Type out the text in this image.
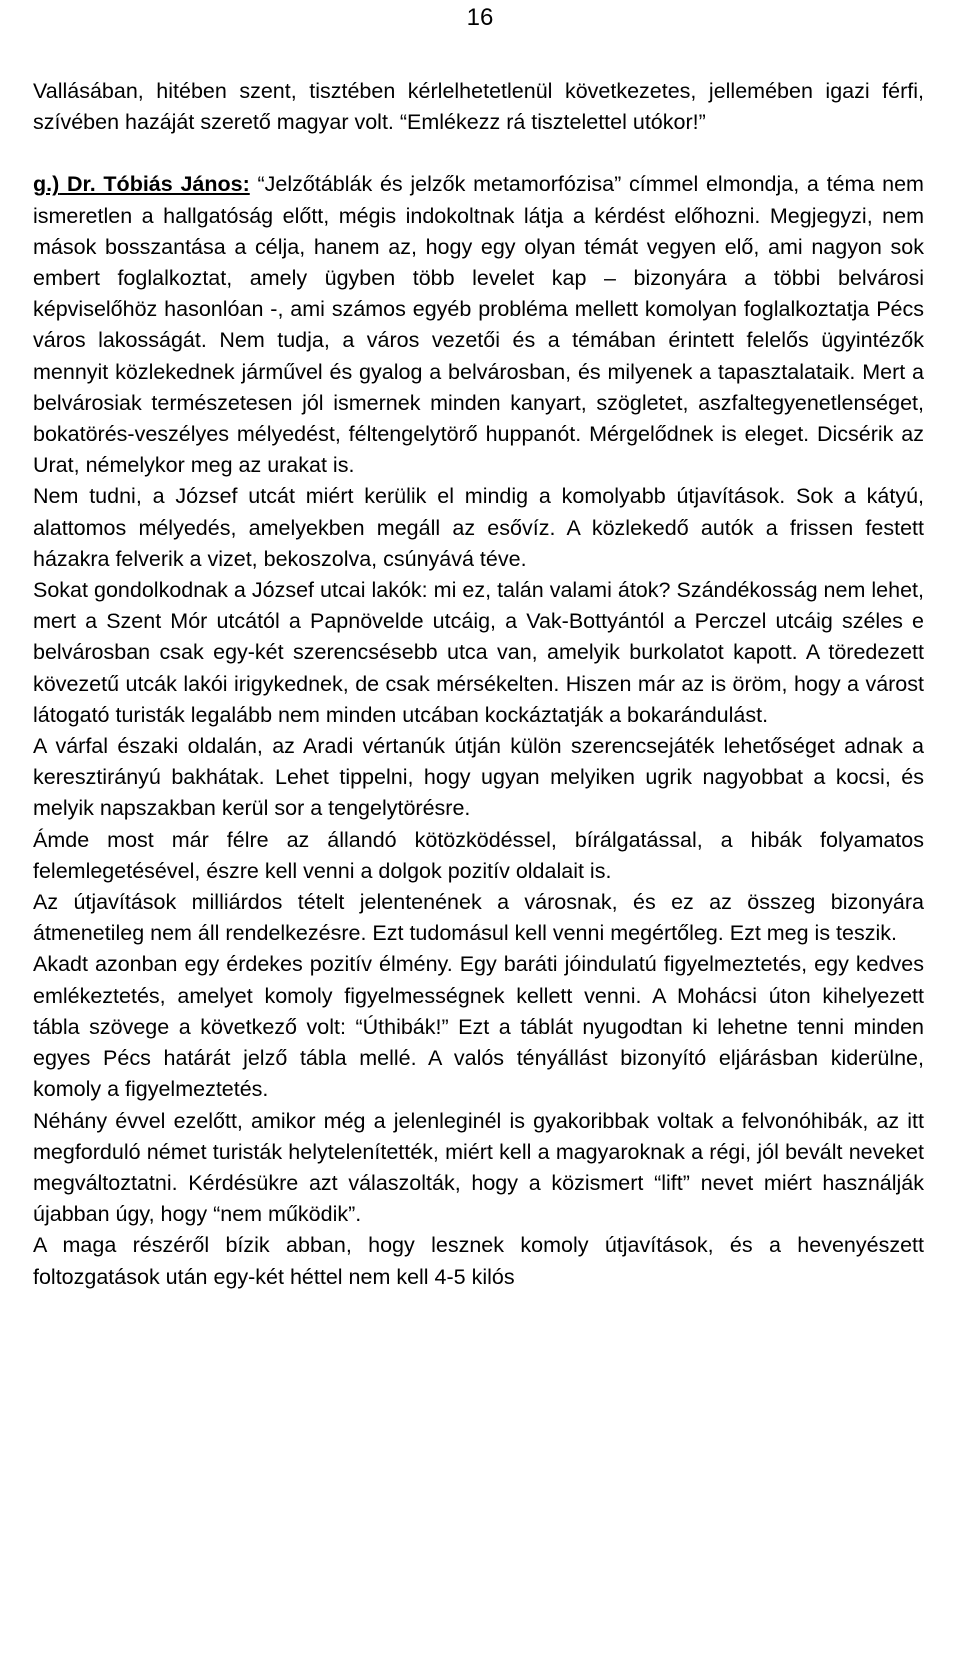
16

Vallásában, hitében szent, tisztében kérlelhetetlenül következetes, jellemében igazi férfi, szívében hazáját szerető magyar volt. “Emlékezz rá tisztelettel utókor!”

g.) Dr. Tóbiás János: “Jelzőtáblák és jelzők metamorfózisa” címmel elmondja, a téma nem ismeretlen a hallgatóság előtt, mégis indokoltnak látja a kérdést előhozni. Megjegyzi, nem mások bosszantása a célja, hanem az, hogy egy olyan témát vegyen elő, ami nagyon sok embert foglalkoztat, amely ügyben több levelet kap – bizonyára a többi belvárosi képviselőhöz hasonlóan -, ami számos egyéb probléma mellett komolyan foglalkoztatja Pécs város lakosságát. Nem tudja, a város vezetői és a témában érintett felelős ügyintézők mennyit közlekednek járművel és gyalog a belvárosban, és milyenek a tapasztalataik. Mert a belvárosiak természetesen jól ismernek minden kanyart, szögletet, aszfaltegyenetlenséget, bokatörés-veszélyes mélyedést, féltengelytörő huppanót. Mérgelődnek is eleget. Dicsérik az Urat, némelykor meg az urakat is.

Nem tudni, a József utcát miért kerülik el mindig a komolyabb útjavítások. Sok a kátyú, alattomos mélyedés, amelyekben megáll az esővíz. A közlekedő autók a frissen festett házakra felverik a vizet, bekoszolva, csúnyává téve.

Sokat gondolkodnak a József utcai lakók: mi ez, talán valami átok? Szándékosság nem lehet, mert a Szent Mór utcától a Papnövelde utcáig, a Vak-Bottyántól a Perczel utcáig széles e belvárosban csak egy-két szerencsésebb utca van, amelyik burkolatot kapott. A töredezett kövezetű utcák lakói irigykednek, de csak mérsékelten. Hiszen már az is öröm, hogy a várost látogató turisták legalább nem minden utcában kockáztatják a bokarándulást.

A várfal északi oldalán, az Aradi vértanúk útján külön szerencsejáték lehetőséget adnak a keresztirányú bakhátak. Lehet tippelni, hogy ugyan melyiken ugrik nagyobbat a kocsi, és melyik napszakban kerül sor a tengelytörésre.

Ámde most már félre az állandó kötözködéssel, bírálgatással, a hibák folyamatos felemlegetésével, észre kell venni a dolgok pozitív oldalait is.

Az útjavítások milliárdos tételt jelentenének a városnak, és ez az összeg bizonyára átmenetileg nem áll rendelkezésre. Ezt tudomásul kell venni megértőleg. Ezt meg is teszik.

Akadt azonban egy érdekes pozitív élmény. Egy baráti jóindulatú figyelmeztetés, egy kedves emlékeztetés, amelyet komoly figyelmességnek kellett venni. A Mohácsi úton kihelyezett tábla szövege a következő volt: “Úthibák!” Ezt a táblát nyugodtan ki lehetne tenni minden egyes Pécs határát jelző tábla mellé. A valós tényállást bizonyító eljárásban kiderülne, komoly a figyelmeztetés.

Néhány évvel ezelőtt, amikor még a jelenleginél is gyakoribbak voltak a felvonóhibák, az itt megforduló német turisták helytelenítették, miért kell a magyaroknak a régi, jól bevált neveket megváltoztatni. Kérdésükre azt válaszolták, hogy a közismert “lift” nevet miért használják újabban úgy, hogy “nem működik”.

A maga részéről bízik abban, hogy lesznek komoly útjavítások, és a hevenyészett foltozgatások után egy-két héttel nem kell 4-5 kilós
